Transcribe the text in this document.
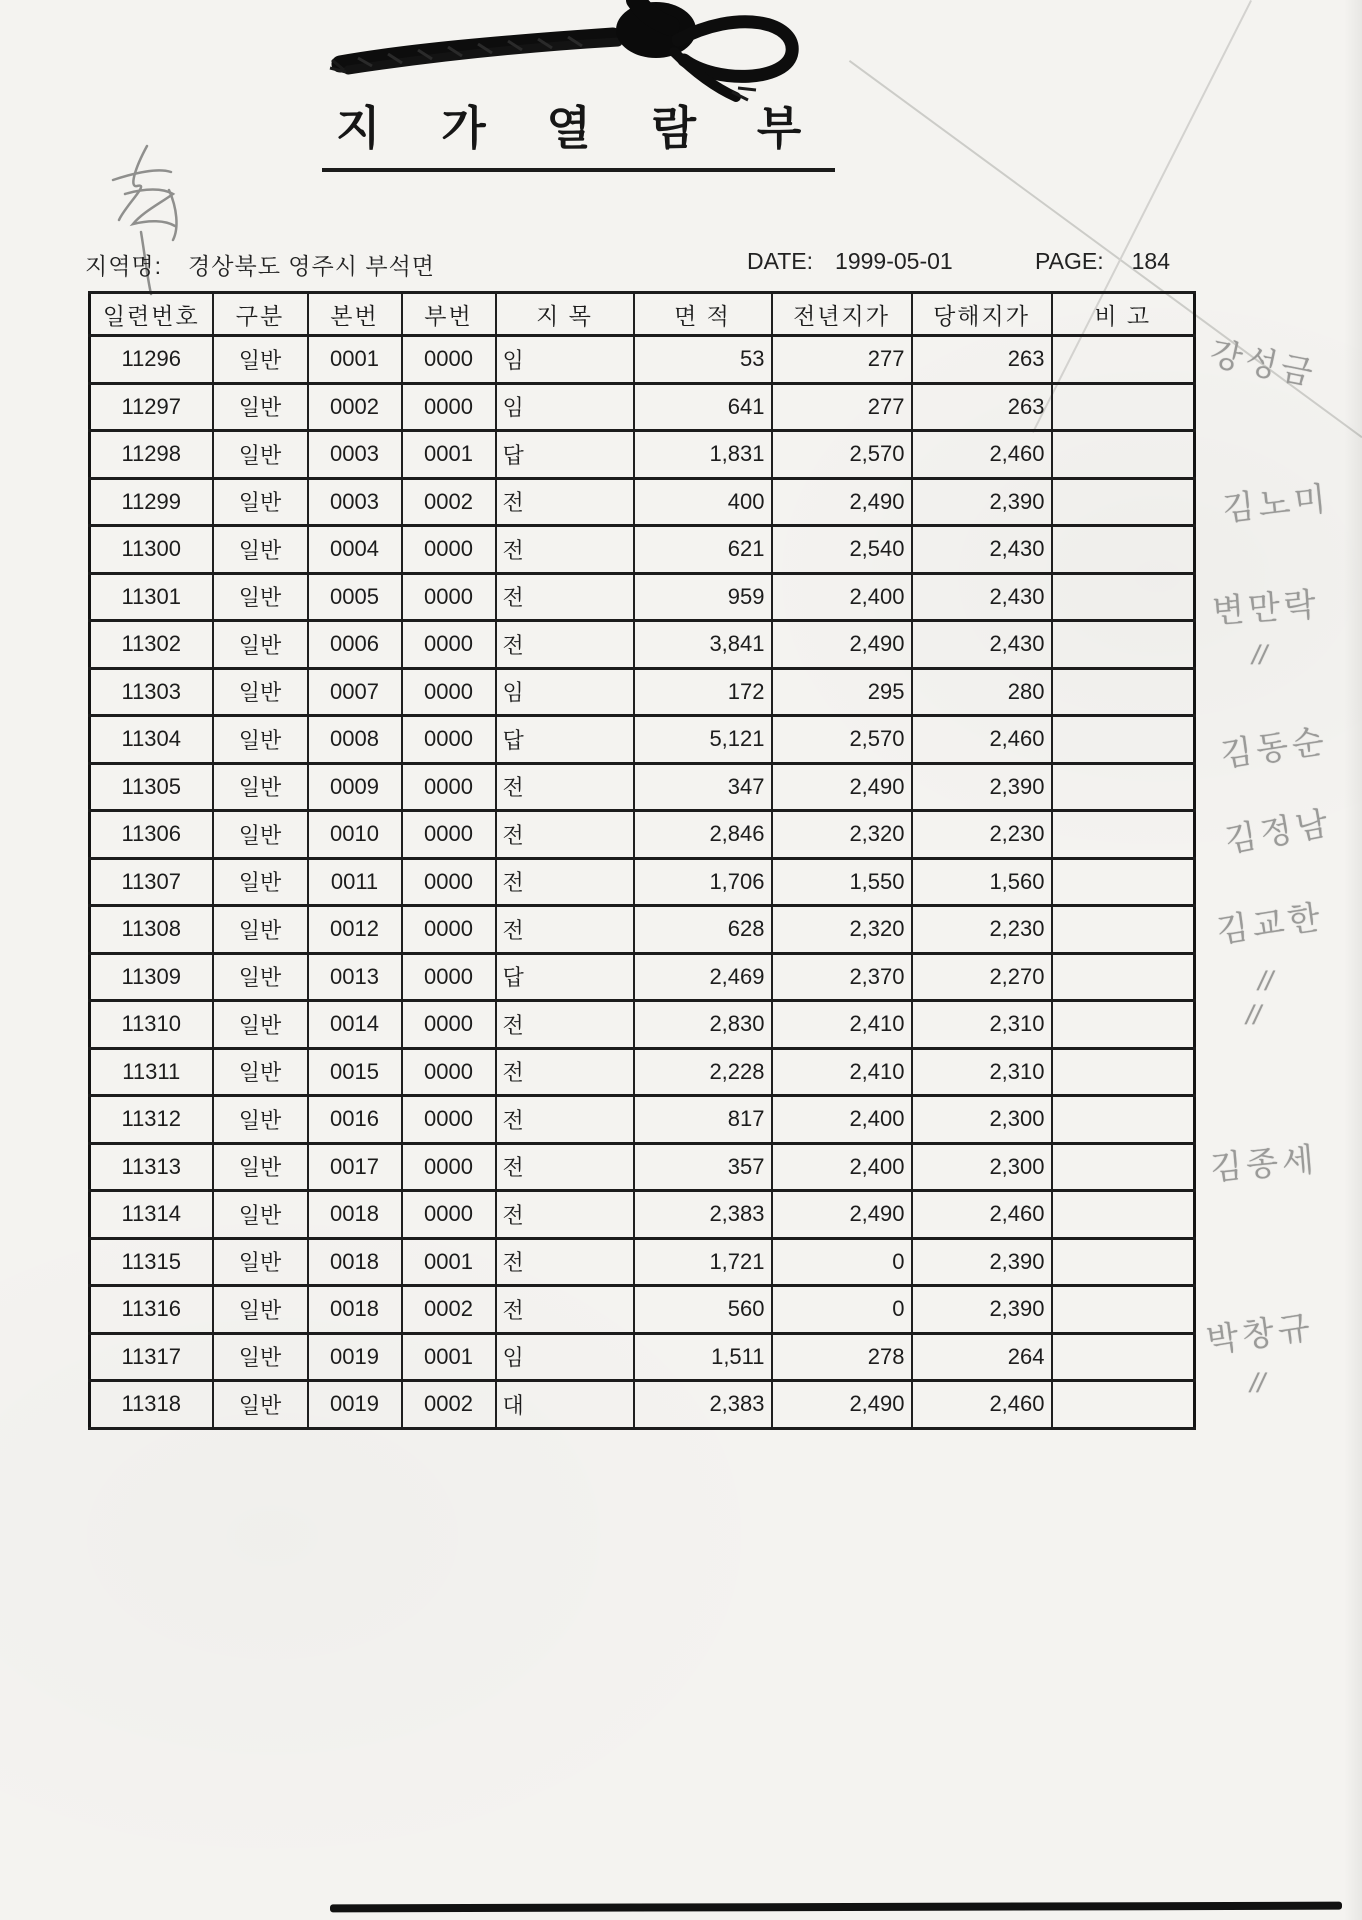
지 가 열 람 부
지역명: 경상북도 영주시 부석면	DATE: 1999-05-01	PAGE: 184
일련번호	구분	본번	부번	지 목	면 적	전년지가	당해지가	비 고
11296	일반	0001	0000	임	53	277	263	
11297	일반	0002	0000	임	641	277	263	
11298	일반	0003	0001	답	1,831	2,570	2,460	
11299	일반	0003	0002	전	400	2,490	2,390	
11300	일반	0004	0000	전	621	2,540	2,430	
11301	일반	0005	0000	전	959	2,400	2,430	
11302	일반	0006	0000	전	3,841	2,490	2,430	
11303	일반	0007	0000	임	172	295	280	
11304	일반	0008	0000	답	5,121	2,570	2,460	
11305	일반	0009	0000	전	347	2,490	2,390	
11306	일반	0010	0000	전	2,846	2,320	2,230	
11307	일반	0011	0000	전	1,706	1,550	1,560	
11308	일반	0012	0000	전	628	2,320	2,230	
11309	일반	0013	0000	답	2,469	2,370	2,270	
11310	일반	0014	0000	전	2,830	2,410	2,310	
11311	일반	0015	0000	전	2,228	2,410	2,310	
11312	일반	0016	0000	전	817	2,400	2,300	
11313	일반	0017	0000	전	357	2,400	2,300	
11314	일반	0018	0000	전	2,383	2,490	2,460	
11315	일반	0018	0001	전	1,721	0	2,390	
11316	일반	0018	0002	전	560	0	2,390	
11317	일반	0019	0001	임	1,511	278	264	
11318	일반	0019	0002	대	2,383	2,490	2,460	
강성금
김노미
변만락
//
김동순
김정남
김교한
//
//
김종세
박창규
//
